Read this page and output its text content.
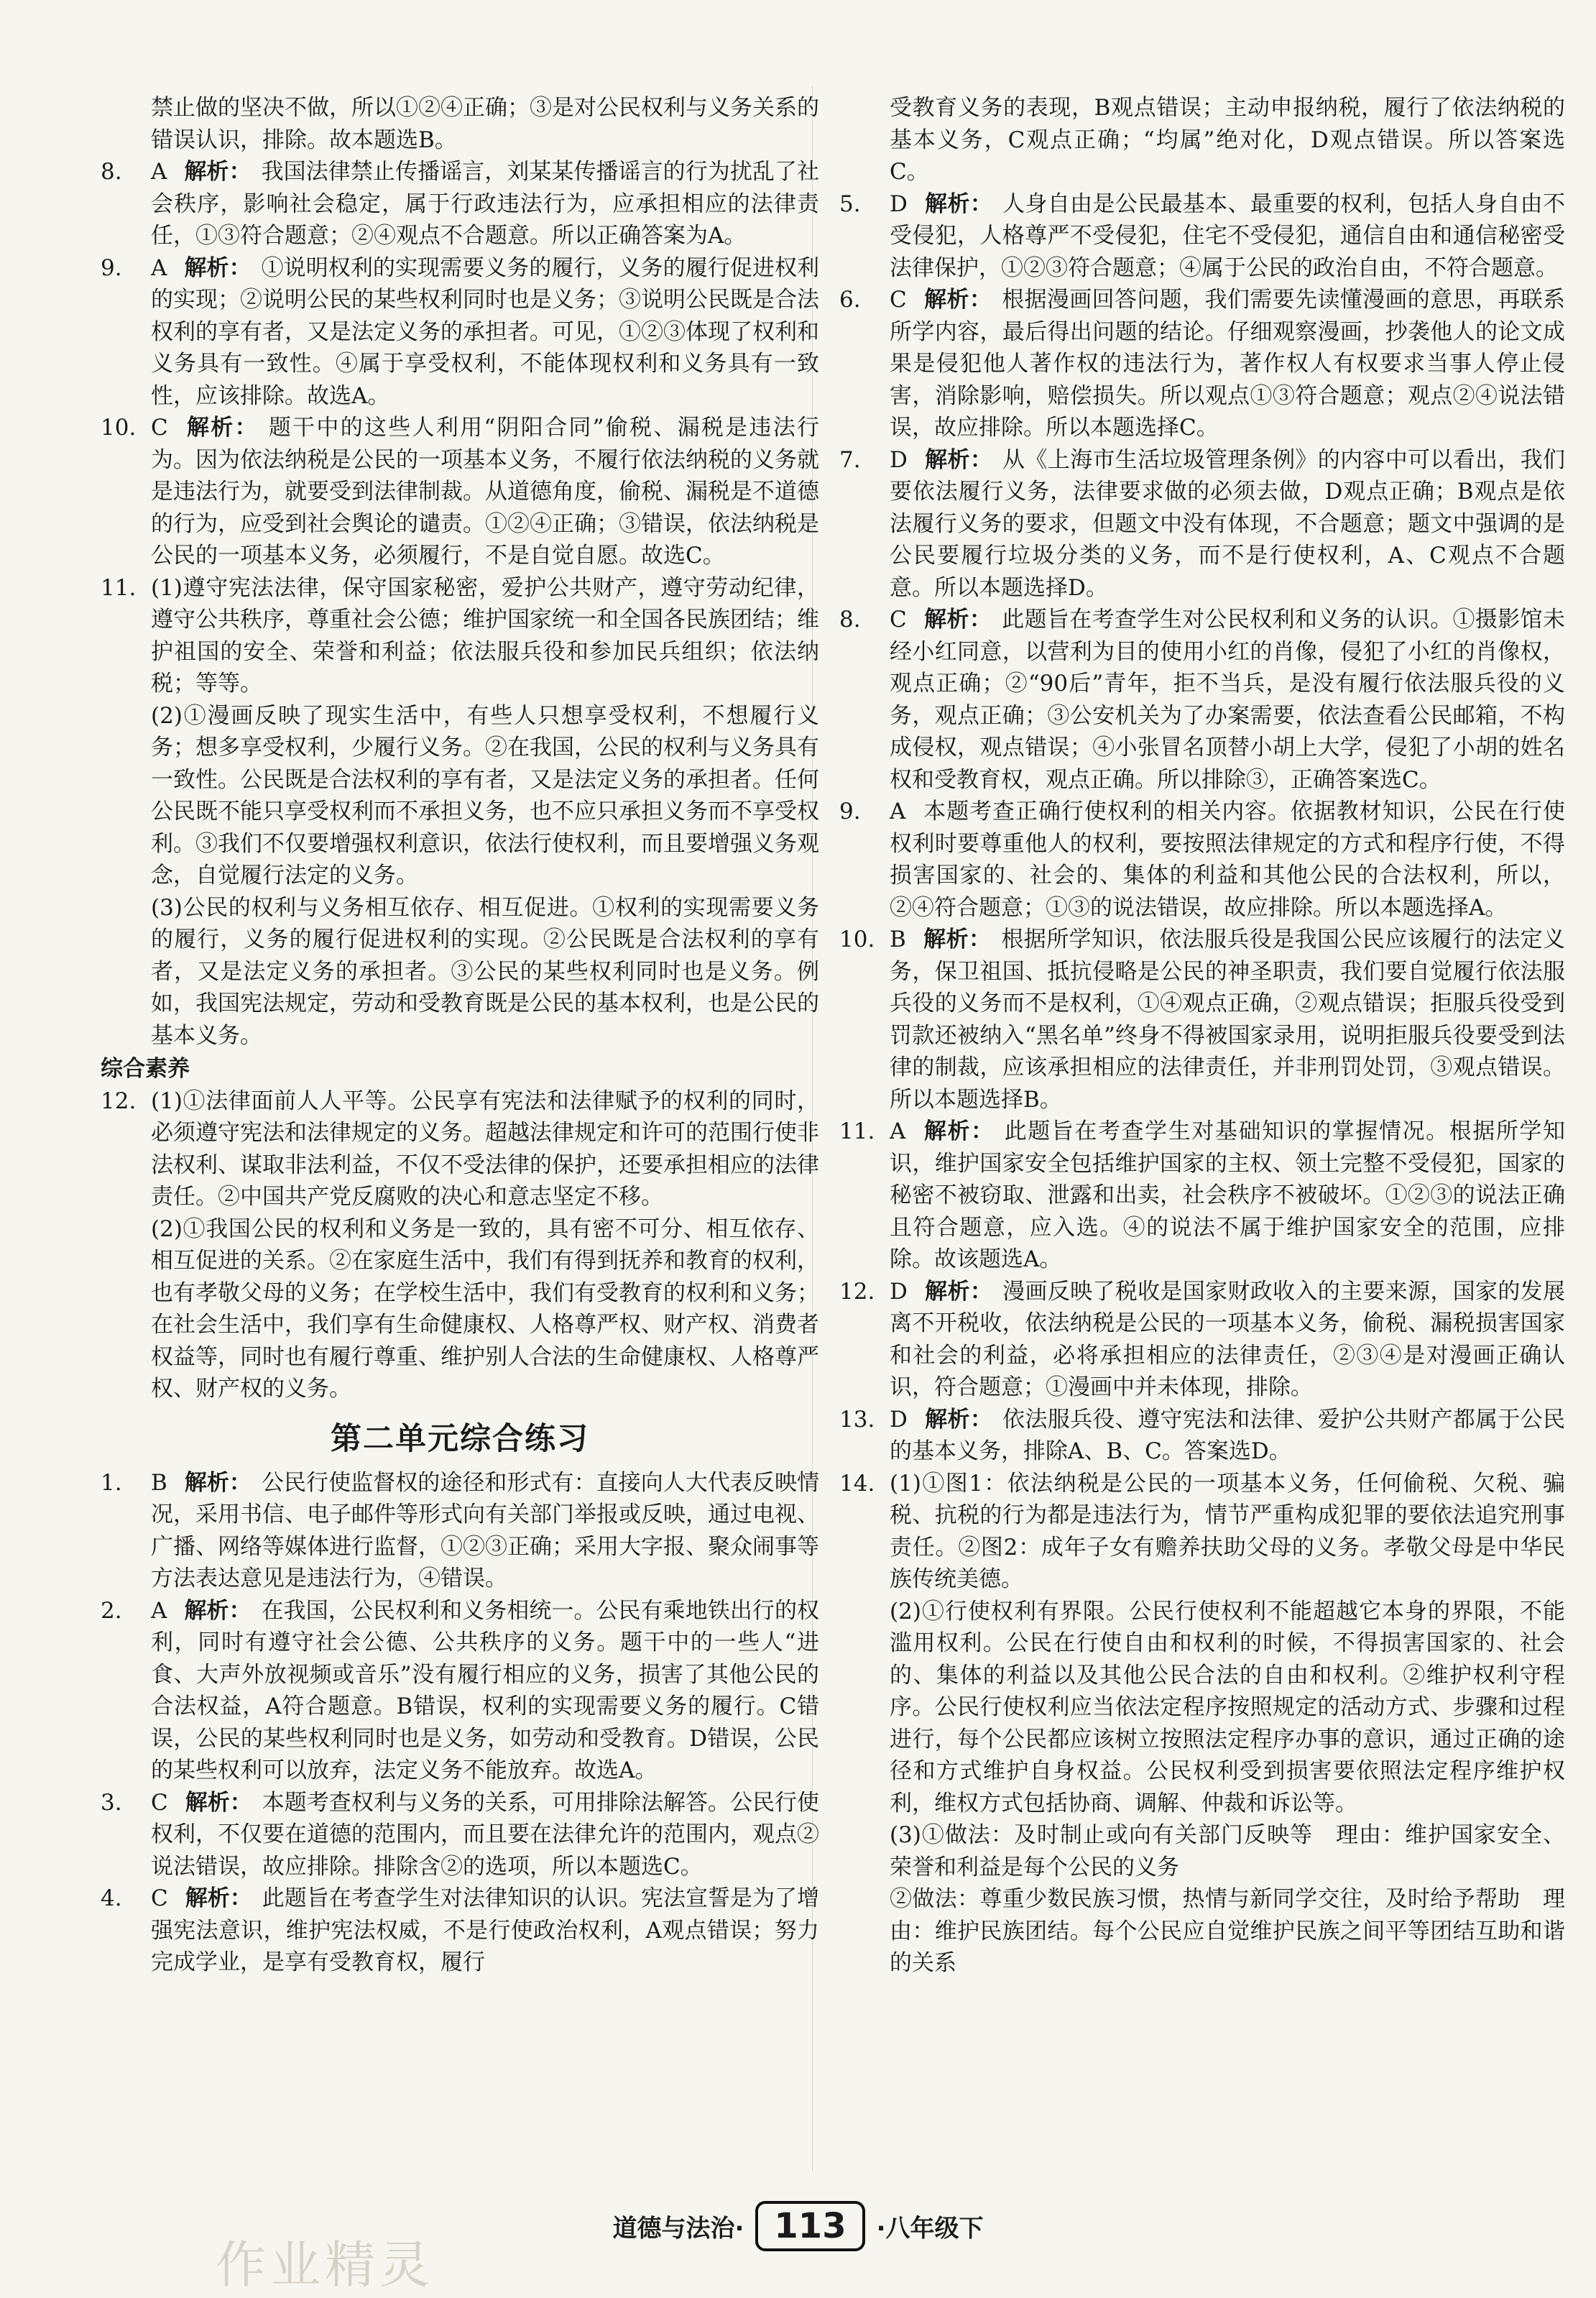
禁止做的坚决不做，所以①②④正确；③是对公民权利与义务关系的错误认识，排除。故本题选B。

8. A 解析： 我国法律禁止传播谣言，刘某某传播谣言的行为扰乱了社会秩序，影响社会稳定，属于行政违法行为，应承担相应的法律责任，①③符合题意；②④观点不合题意。所以正确答案为A。

9. A 解析： ①说明权利的实现需要义务的履行，义务的履行促进权利的实现；②说明公民的某些权利同时也是义务；③说明公民既是合法权利的享有者，又是法定义务的承担者。可见，①②③体现了权利和义务具有一致性。④属于享受权利，不能体现权利和义务具有一致性，应该排除。故选A。

10. C 解析： 题干中的这些人利用“阴阳合同”偷税、漏税是违法行为。因为依法纳税是公民的一项基本义务，不履行依法纳税的义务就是违法行为，就要受到法律制裁。从道德角度，偷税、漏税是不道德的行为，应受到社会舆论的谴责。①②④正确；③错误，依法纳税是公民的一项基本义务，必须履行，不是自觉自愿。故选C。

11. (1)遵守宪法法律，保守国家秘密，爱护公共财产，遵守劳动纪律，遵守公共秩序，尊重社会公德；维护国家统一和全国各民族团结；维护祖国的安全、荣誉和利益；依法服兵役和参加民兵组织；依法纳税；等等。
(2)①漫画反映了现实生活中，有些人只想享受权利，不想履行义务；想多享受权利，少履行义务。②在我国，公民的权利与义务具有一致性。公民既是合法权利的享有者，又是法定义务的承担者。任何公民既不能只享受权利而不承担义务，也不应只承担义务而不享受权利。③我们不仅要增强权利意识，依法行使权利，而且要增强义务观念，自觉履行法定的义务。
(3)公民的权利与义务相互依存、相互促进。①权利的实现需要义务的履行，义务的履行促进权利的实现。②公民既是合法权利的享有者，又是法定义务的承担者。③公民的某些权利同时也是义务。例如，我国宪法规定，劳动和受教育既是公民的基本权利，也是公民的基本义务。
综合素养
12. (1)①法律面前人人平等。公民享有宪法和法律赋予的权利的同时，必须遵守宪法和法律规定的义务。超越法律规定和许可的范围行使非法权利、谋取非法利益，不仅不受法律的保护，还要承担相应的法律责任。②中国共产党反腐败的决心和意志坚定不移。
(2)①我国公民的权利和义务是一致的，具有密不可分、相互依存、相互促进的关系。②在家庭生活中，我们有得到抚养和教育的权利，也有孝敬父母的义务；在学校生活中，我们有受教育的权利和义务；在社会生活中，我们享有生命健康权、人格尊严权、财产权、消费者权益等，同时也有履行尊重、维护别人合法的生命健康权、人格尊严权、财产权的义务。
第二单元综合练习

1. B 解析： 公民行使监督权的途径和形式有：直接向人大代表反映情况，采用书信、电子邮件等形式向有关部门举报或反映，通过电视、广播、网络等媒体进行监督，①②③正确；采用大字报、聚众闹事等方法表达意见是违法行为，④错误。

2. A 解析： 在我国，公民权利和义务相统一。公民有乘地铁出行的权利，同时有遵守社会公德、公共秩序的义务。题干中的一些人“进食、大声外放视频或音乐”没有履行相应的义务，损害了其他公民的合法权益，A符合题意。B错误，权利的实现需要义务的履行。C错误，公民的某些权利同时也是义务，如劳动和受教育。D错误，公民的某些权利可以放弃，法定义务不能放弃。故选A。

3. C 解析： 本题考查权利与义务的关系，可用排除法解答。公民行使权利，不仅要在道德的范围内，而且要在法律允许的范围内，观点②说法错误，故应排除。排除含②的选项，所以本题选C。

4. C 解析： 此题旨在考查学生对法律知识的认识。宪法宣誓是为了增强宪法意识，维护宪法权威，不是行使政治权利，A观点错误；努力完成学业，是享有受教育权，履行

受教育义务的表现，B观点错误；主动申报纳税，履行了依法纳税的基本义务，C观点正确；“均属”绝对化，D观点错误。所以答案选C。

5. D 解析： 人身自由是公民最基本、最重要的权利，包括人身自由不受侵犯，人格尊严不受侵犯，住宅不受侵犯，通信自由和通信秘密受法律保护，①②③符合题意；④属于公民的政治自由，不符合题意。

6. C 解析： 根据漫画回答问题，我们需要先读懂漫画的意思，再联系所学内容，最后得出问题的结论。仔细观察漫画，抄袭他人的论文成果是侵犯他人著作权的违法行为，著作权人有权要求当事人停止侵害，消除影响，赔偿损失。所以观点①③符合题意；观点②④说法错误，故应排除。所以本题选择C。

7. D 解析： 从《上海市生活垃圾管理条例》的内容中可以看出，我们要依法履行义务，法律要求做的必须去做，D观点正确；B观点是依法履行义务的要求，但题文中没有体现，不合题意；题文中强调的是公民要履行垃圾分类的义务，而不是行使权利，A、C观点不合题意。所以本题选择D。

8. C 解析： 此题旨在考查学生对公民权利和义务的认识。①摄影馆未经小红同意，以营利为目的使用小红的肖像，侵犯了小红的肖像权，观点正确；②“90后”青年，拒不当兵，是没有履行依法服兵役的义务，观点正确；③公安机关为了办案需要，依法查看公民邮箱，不构成侵权，观点错误；④小张冒名顶替小胡上大学，侵犯了小胡的姓名权和受教育权，观点正确。所以排除③，正确答案选C。

9. A 本题考查正确行使权利的相关内容。依据教材知识，公民在行使权利时要尊重他人的权利，要按照法律规定的方式和程序行使，不得损害国家的、社会的、集体的利益和其他公民的合法权利，所以，②④符合题意；①③的说法错误，故应排除。所以本题选择A。

10. B 解析： 根据所学知识，依法服兵役是我国公民应该履行的法定义务，保卫祖国、抵抗侵略是公民的神圣职责，我们要自觉履行依法服兵役的义务而不是权利，①④观点正确，②观点错误；拒服兵役受到罚款还被纳入“黑名单”终身不得被国家录用，说明拒服兵役要受到法律的制裁，应该承担相应的法律责任，并非刑罚处罚，③观点错误。所以本题选择B。

11. A 解析： 此题旨在考查学生对基础知识的掌握情况。根据所学知识，维护国家安全包括维护国家的主权、领土完整不受侵犯，国家的秘密不被窃取、泄露和出卖，社会秩序不被破坏。①②③的说法正确且符合题意，应入选。④的说法不属于维护国家安全的范围，应排除。故该题选A。

12. D 解析： 漫画反映了税收是国家财政收入的主要来源，国家的发展离不开税收，依法纳税是公民的一项基本义务，偷税、漏税损害国家和社会的利益，必将承担相应的法律责任，②③④是对漫画正确认识，符合题意；①漫画中并未体现，排除。

13. D 解析： 依法服兵役、遵守宪法和法律、爱护公共财产都属于公民的基本义务，排除A、B、C。答案选D。

14. (1)①图1：依法纳税是公民的一项基本义务，任何偷税、欠税、骗税、抗税的行为都是违法行为，情节严重构成犯罪的要依法追究刑事责任。②图2：成年子女有赡养扶助父母的义务。孝敬父母是中华民族传统美德。
(2)①行使权利有界限。公民行使权利不能超越它本身的界限，不能滥用权利。公民在行使自由和权利的时候，不得损害国家的、社会的、集体的利益以及其他公民合法的自由和权利。②维护权利守程序。公民行使权利应当依法定程序按照规定的活动方式、步骤和过程进行，每个公民都应该树立按照法定程序办事的意识，通过正确的途径和方式维护自身权益。公民权利受到损害要依照法定程序维护权利，维权方式包括协商、调解、仲裁和诉讼等。
(3)①做法：及时制止或向有关部门反映等　理由：维护国家安全、荣誉和利益是每个公民的义务
②做法：尊重少数民族习惯，热情与新同学交往，及时给予帮助　理由：维护民族团结。每个公民应自觉维护民族之间平等团结互助和谐的关系
道德与法治· 113 ·八年级下
作业精灵
